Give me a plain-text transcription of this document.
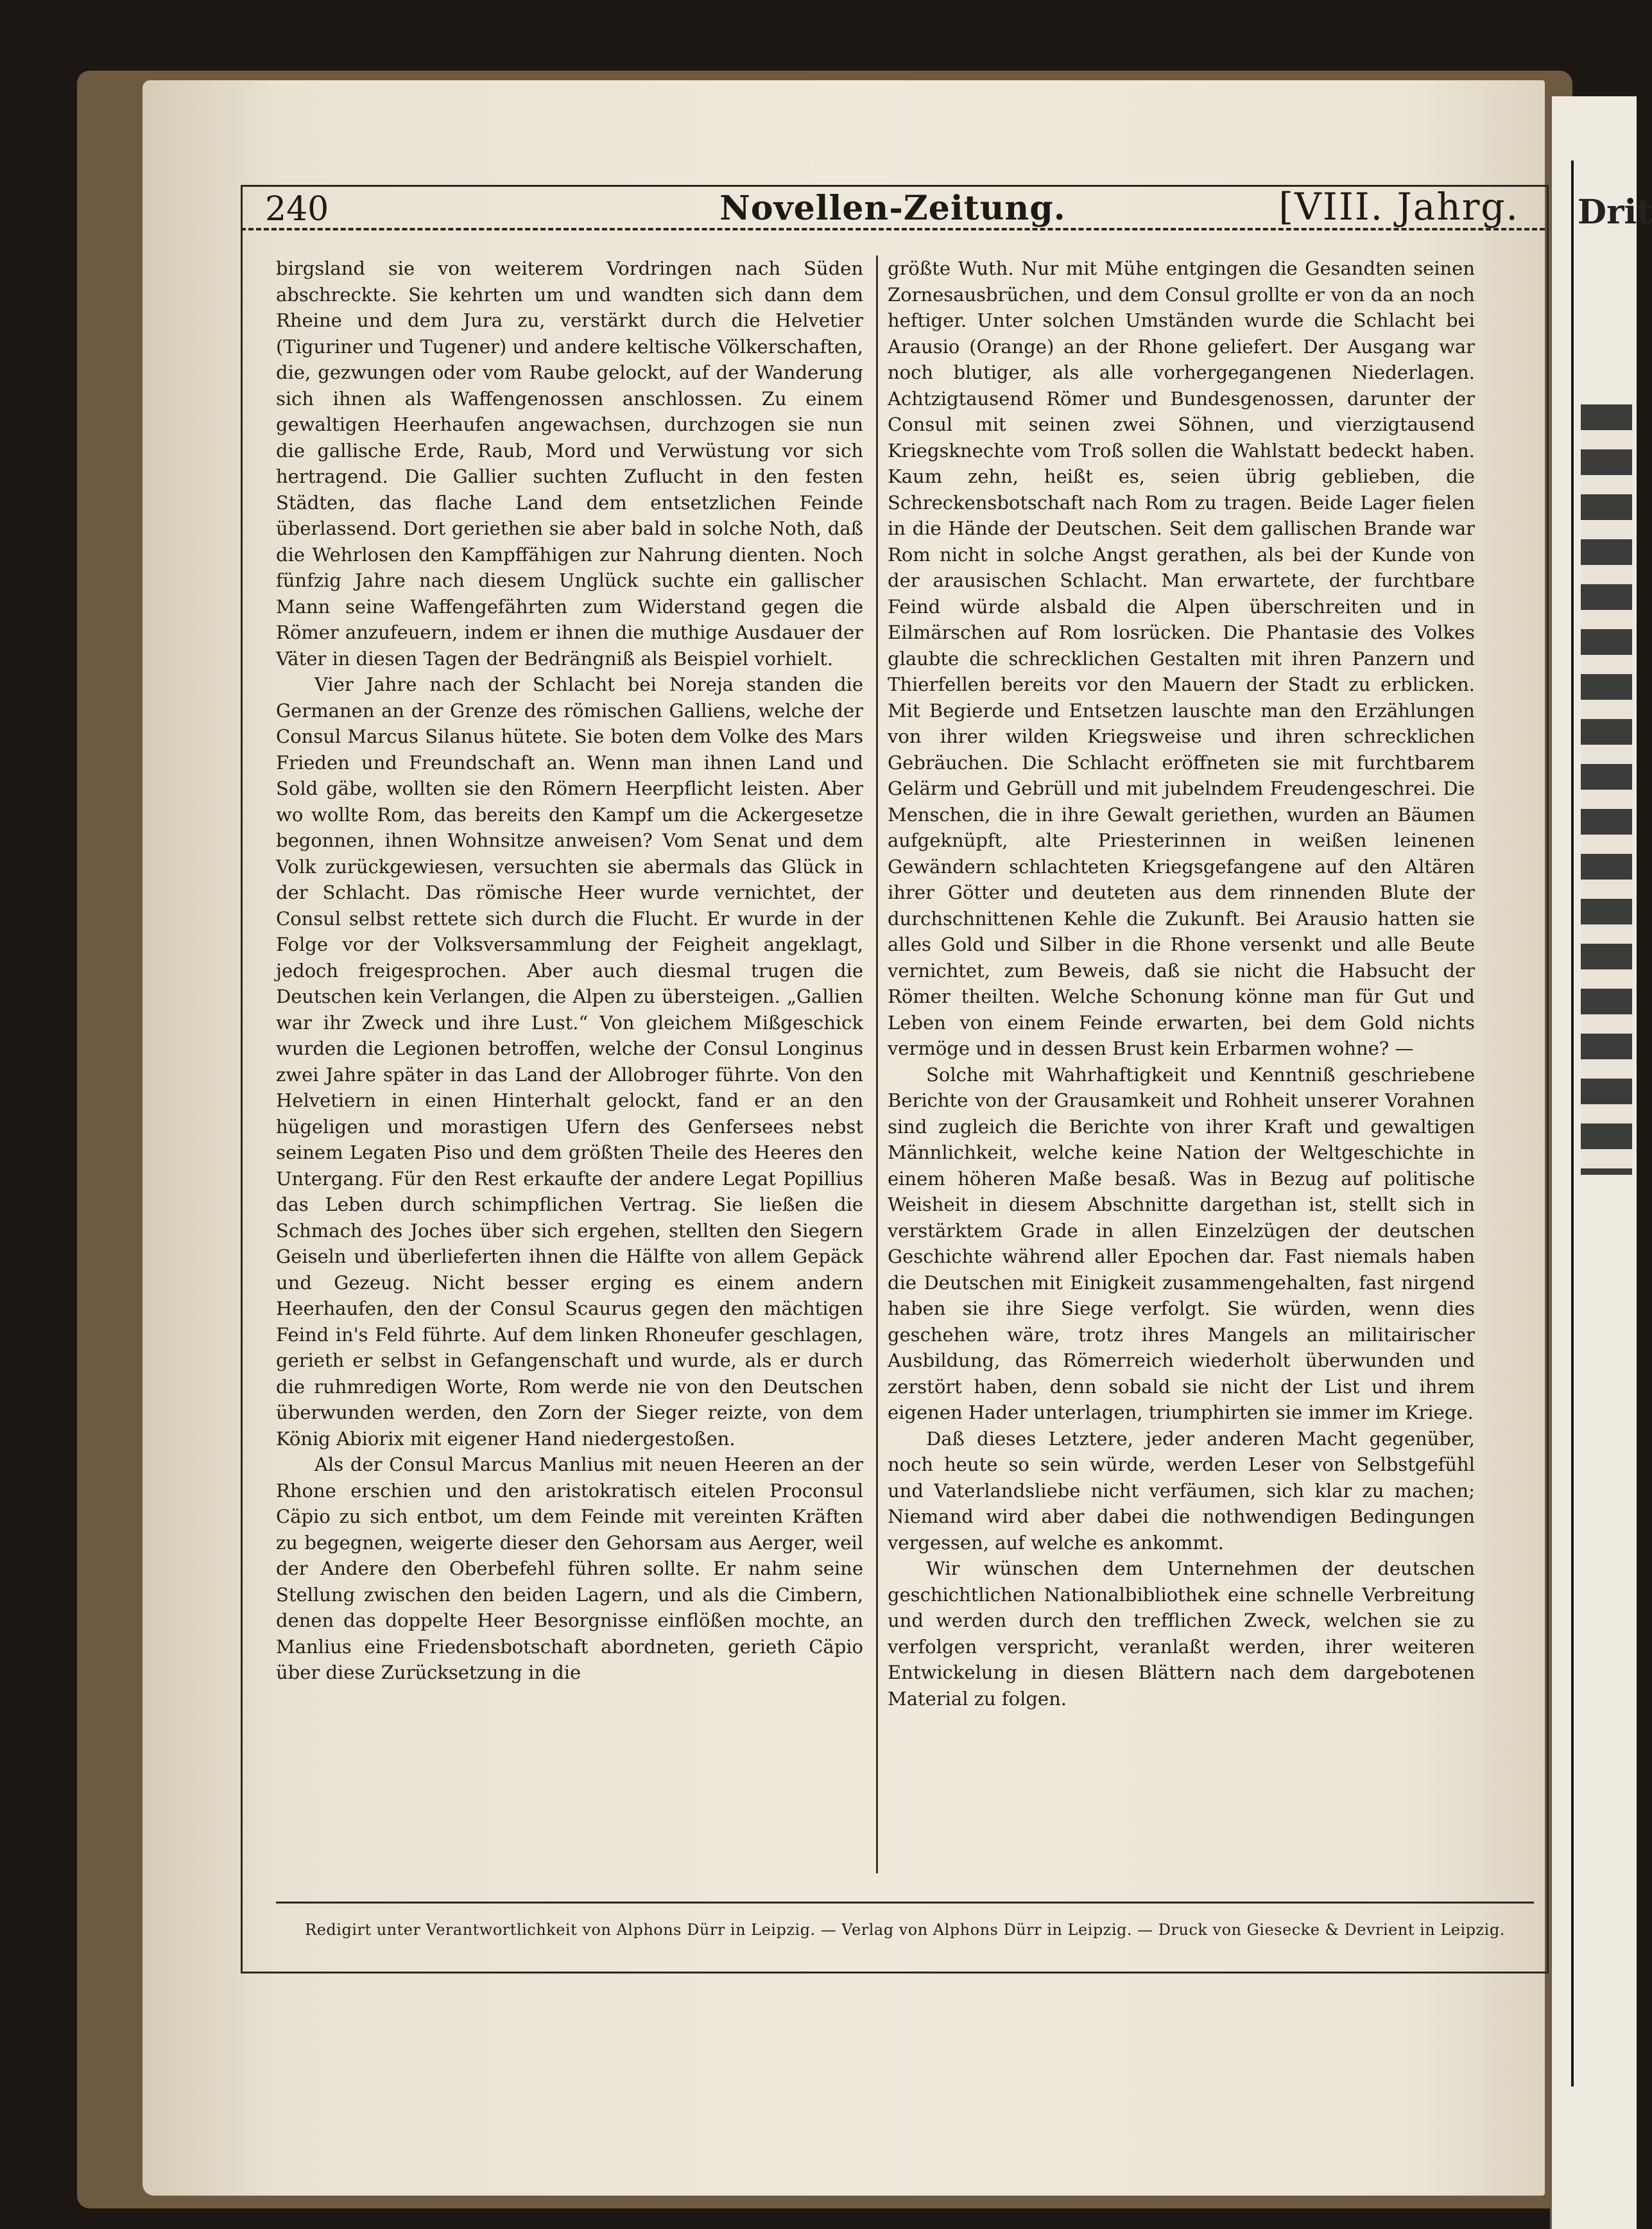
Drit
240	Novellen-Zeitung.	[VIII. Jahrg.

birgsland sie von weiterem Vordringen nach Süden abschreckte. Sie kehrten um und wandten sich dann dem Rheine und dem Jura zu, verstärkt durch die Helvetier (Tiguriner und Tugener) und andere keltische Völkerschaften, die, gezwungen oder vom Raube gelockt, auf der Wanderung sich ihnen als Waffengenossen anschlossen. Zu einem gewaltigen Heerhaufen angewachsen, durchzogen sie nun die gallische Erde, Raub, Mord und Verwüstung vor sich hertragend. Die Gallier suchten Zuflucht in den festen Städten, das flache Land dem entsetzlichen Feinde überlassend. Dort geriethen sie aber bald in solche Noth, daß die Wehrlosen den Kampffähigen zur Nahrung dienten. Noch fünfzig Jahre nach diesem Unglück suchte ein gallischer Mann seine Waffengefährten zum Widerstand gegen die Römer anzufeuern, indem er ihnen die muthige Ausdauer der Väter in diesen Tagen der Bedrängniß als Beispiel vorhielt.

Vier Jahre nach der Schlacht bei Noreja standen die Germanen an der Grenze des römischen Galliens, welche der Consul Marcus Silanus hütete. Sie boten dem Volke des Mars Frieden und Freundschaft an. Wenn man ihnen Land und Sold gäbe, wollten sie den Römern Heerpflicht leisten. Aber wo wollte Rom, das bereits den Kampf um die Ackergesetze begonnen, ihnen Wohnsitze anweisen? Vom Senat und dem Volk zurückgewiesen, versuchten sie abermals das Glück in der Schlacht. Das römische Heer wurde vernichtet, der Consul selbst rettete sich durch die Flucht. Er wurde in der Folge vor der Volksversammlung der Feigheit angeklagt, jedoch freigesprochen. Aber auch diesmal trugen die Deutschen kein Verlangen, die Alpen zu übersteigen. „Gallien war ihr Zweck und ihre Lust.“ Von gleichem Mißgeschick wurden die Legionen betroffen, welche der Consul Longinus zwei Jahre später in das Land der Allobroger führte. Von den Helvetiern in einen Hinterhalt gelockt, fand er an den hügeligen und morastigen Ufern des Genfersees nebst seinem Legaten Piso und dem größten Theile des Heeres den Untergang. Für den Rest erkaufte der andere Legat Popillius das Leben durch schimpflichen Vertrag. Sie ließen die Schmach des Joches über sich ergehen, stellten den Siegern Geiseln und überlieferten ihnen die Hälfte von allem Gepäck und Gezeug. Nicht besser erging es einem andern Heerhaufen, den der Consul Scaurus gegen den mächtigen Feind in's Feld führte. Auf dem linken Rhoneufer geschlagen, gerieth er selbst in Gefangenschaft und wurde, als er durch die ruhmredigen Worte, Rom werde nie von den Deutschen überwunden werden, den Zorn der Sieger reizte, von dem König Abiorix mit eigener Hand niedergestoßen.

Als der Consul Marcus Manlius mit neuen Heeren an der Rhone erschien und den aristokratisch eitelen Proconsul Cäpio zu sich entbot, um dem Feinde mit vereinten Kräften zu begegnen, weigerte dieser den Gehorsam aus Aerger, weil der Andere den Oberbefehl führen sollte. Er nahm seine Stellung zwischen den beiden Lagern, und als die Cimbern, denen das doppelte Heer Besorgnisse einflößen mochte, an Manlius eine Friedensbotschaft abordneten, gerieth Cäpio über diese Zurücksetzung in die

größte Wuth. Nur mit Mühe entgingen die Gesandten seinen Zornesausbrüchen, und dem Consul grollte er von da an noch heftiger. Unter solchen Umständen wurde die Schlacht bei Arausio (Orange) an der Rhone geliefert. Der Ausgang war noch blutiger, als alle vorhergegangenen Niederlagen. Achtzigtausend Römer und Bundesgenossen, darunter der Consul mit seinen zwei Söhnen, und vierzigtausend Kriegsknechte vom Troß sollen die Wahlstatt bedeckt haben. Kaum zehn, heißt es, seien übrig geblieben, die Schreckensbotschaft nach Rom zu tragen. Beide Lager fielen in die Hände der Deutschen. Seit dem gallischen Brande war Rom nicht in solche Angst gerathen, als bei der Kunde von der arausischen Schlacht. Man erwartete, der furchtbare Feind würde alsbald die Alpen überschreiten und in Eilmärschen auf Rom losrücken. Die Phantasie des Volkes glaubte die schrecklichen Gestalten mit ihren Panzern und Thierfellen bereits vor den Mauern der Stadt zu erblicken. Mit Begierde und Entsetzen lauschte man den Erzählungen von ihrer wilden Kriegsweise und ihren schrecklichen Gebräuchen. Die Schlacht eröffneten sie mit furchtbarem Gelärm und Gebrüll und mit jubelndem Freudengeschrei. Die Menschen, die in ihre Gewalt geriethen, wurden an Bäumen aufgeknüpft, alte Priesterinnen in weißen leinenen Gewändern schlachteten Kriegsgefangene auf den Altären ihrer Götter und deuteten aus dem rinnenden Blute der durchschnittenen Kehle die Zukunft. Bei Arausio hatten sie alles Gold und Silber in die Rhone versenkt und alle Beute vernichtet, zum Beweis, daß sie nicht die Habsucht der Römer theilten. Welche Schonung könne man für Gut und Leben von einem Feinde erwarten, bei dem Gold nichts vermöge und in dessen Brust kein Erbarmen wohne? —

Solche mit Wahrhaftigkeit und Kenntniß geschriebene Berichte von der Grausamkeit und Rohheit unserer Vorahnen sind zugleich die Berichte von ihrer Kraft und gewaltigen Männlichkeit, welche keine Nation der Weltgeschichte in einem höheren Maße besaß. Was in Bezug auf politische Weisheit in diesem Abschnitte dargethan ist, stellt sich in verstärktem Grade in allen Einzelzügen der deutschen Geschichte während aller Epochen dar. Fast niemals haben die Deutschen mit Einigkeit zusammengehalten, fast nirgend haben sie ihre Siege verfolgt. Sie würden, wenn dies geschehen wäre, trotz ihres Mangels an militairischer Ausbildung, das Römerreich wiederholt überwunden und zerstört haben, denn sobald sie nicht der List und ihrem eigenen Hader unterlagen, triumphirten sie immer im Kriege.

Daß dieses Letztere, jeder anderen Macht gegenüber, noch heute so sein würde, werden Leser von Selbstgefühl und Vaterlandsliebe nicht verfäumen, sich klar zu machen; Niemand wird aber dabei die nothwendigen Bedingungen vergessen, auf welche es ankommt.

Wir wünschen dem Unternehmen der deutschen geschichtlichen Nationalbibliothek eine schnelle Verbreitung und werden durch den trefflichen Zweck, welchen sie zu verfolgen verspricht, veranlaßt werden, ihrer weiteren Entwickelung in diesen Blättern nach dem dargebotenen Material zu folgen.

Redigirt unter Verantwortlichkeit von Alphons Dürr in Leipzig. — Verlag von Alphons Dürr in Leipzig. — Druck von Giesecke & Devrient in Leipzig.
